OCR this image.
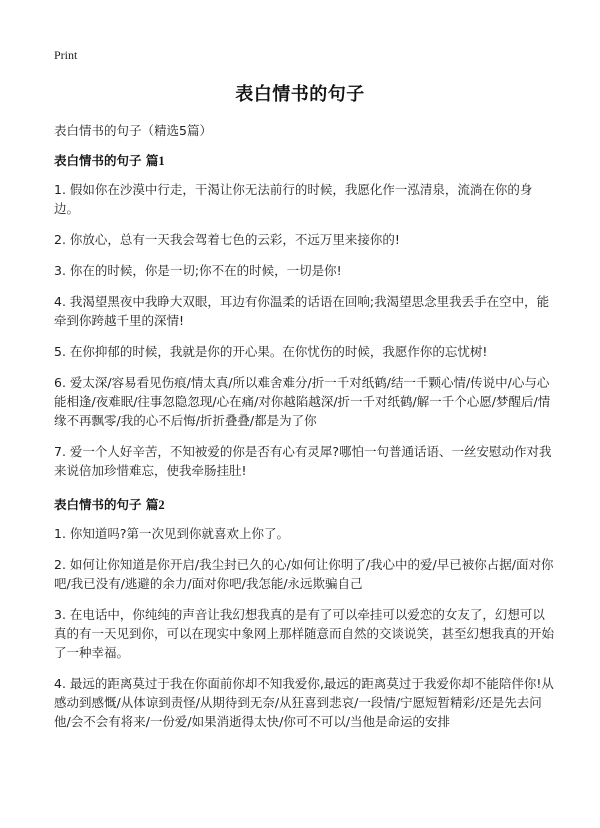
Print
表白情书的句子
表白情书的句子（精选5篇）
表白情书的句子 篇1

1. 假如你在沙漠中行走，干渴让你无法前行的时候，我愿化作一泓清泉，流淌在你的身边。

2. 你放心，总有一天我会驾着七色的云彩，不远万里来接你的!

3. 你在的时候，你是一切;你不在的时候，一切是你!

4. 我渴望黑夜中我睁大双眼，耳边有你温柔的话语在回响;我渴望思念里我丢手在空中，能牵到你跨越千里的深情!

5. 在你抑郁的时候，我就是你的开心果。在你忧伤的时候，我愿作你的忘忧树!

6. 爱太深/容易看见伤痕/情太真/所以难舍难分/折一千对纸鹤/结一千颗心情/传说中/心与心能相逢/夜难眠/往事忽隐忽现/心在痛/对你越陷越深/折一千对纸鹤/解一千个心愿/梦醒后/情缘不再飘零/我的心不后悔/折折叠叠/都是为了你

7. 爱一个人好辛苦，不知被爱的你是否有心有灵犀?哪怕一句普通话语、一丝安慰动作对我来说倍加珍惜难忘，使我牵肠挂肚!

表白情书的句子 篇2

1. 你知道吗?第一次见到你就喜欢上你了。

2. 如何让你知道是你开启/我尘封已久的心/如何让你明了/我心中的爱/早已被你占据/面对你吧/我已没有/逃避的余力/面对你吧/我怎能/永远欺骗自己

3. 在电话中，你纯纯的声音让我幻想我真的是有了可以牵挂可以爱恋的女友了，幻想可以真的有一天见到你，可以在现实中象网上那样随意而自然的交谈说笑，甚至幻想我真的开始了一种幸福。

4. 最远的距离莫过于我在你面前你却不知我爱你,最远的距离莫过于我爱你却不能陪伴你!从感动到感慨/从体谅到责怪/从期待到无奈/从狂喜到悲哀/一段情/宁愿短暂精彩/还是先去问他/会不会有将来/一份爱/如果消逝得太快/你可不可以/当他是命运的安排
